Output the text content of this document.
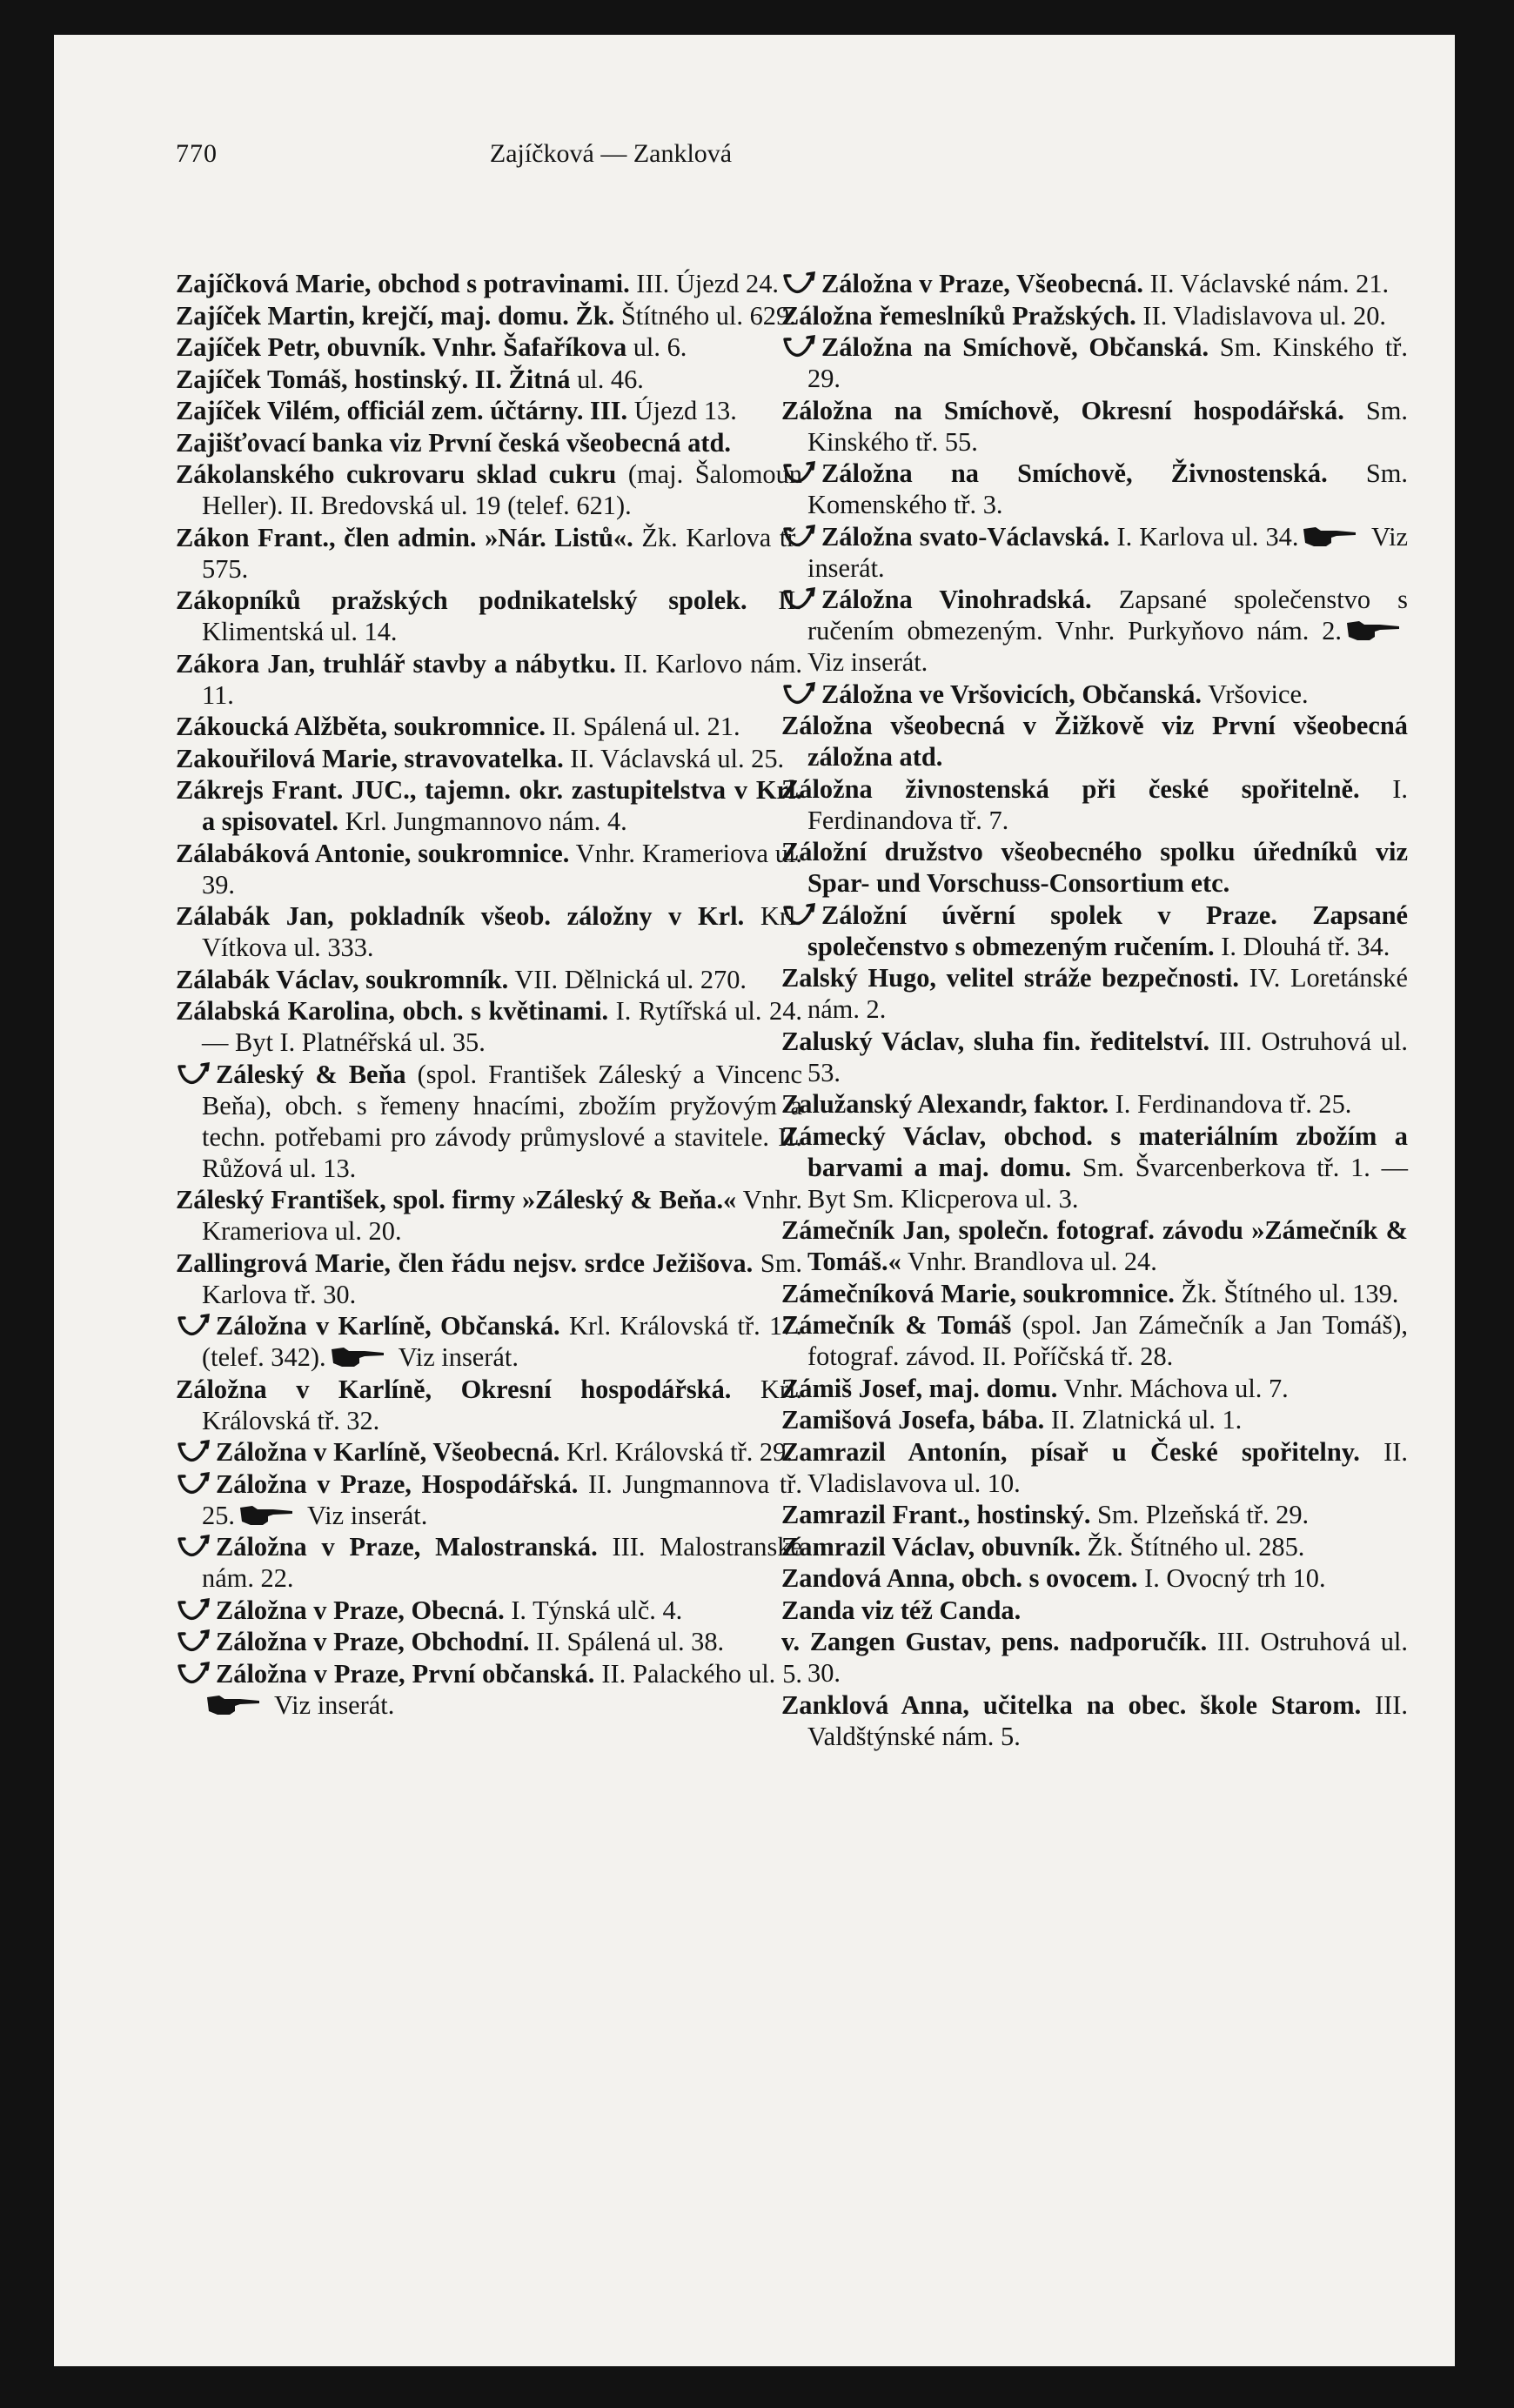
770	Zajíčková — Zanklová

Zajíčková Marie, obchod s potravinami. III. Újezd 24.

Zajíček Martin, krejčí, maj. domu. Žk. Štítného ul. 629.

Zajíček Petr, obuvník. Vnhr. Šafaříkova ul. 6.

Zajíček Tomáš, hostinský. II. Žitná ul. 46.

Zajíček Vilém, officiál zem. účtárny. III. Újezd 13.

Zajišťovací banka viz První česká všeobecná atd.

Zákolanského cukrovaru sklad cukru (maj. Šalomoun Heller). II. Bredovská ul. 19 (telef. 621).

Zákon Frant., člen admin. »Nár. Listů«. Žk. Karlova tř. 575.

Zákopníků pražských podnikatelský spolek. II. Klimentská ul. 14.

Zákora Jan, truhlář stavby a nábytku. II. Karlovo nám. 11.

Zákoucká Alžběta, soukromnice. II. Spálená ul. 21.

Zakouřilová Marie, stravovatelka. II. Václavská ul. 25.

Zákrejs Frant. JUC., tajemn. okr. zastupitelstva v Krl. a spisovatel. Krl. Jungmannovo nám. 4.

Zálabáková Antonie, soukromnice. Vnhr. Krameriova ul. 39.

Zálabák Jan, pokladník všeob. záložny v Krl. Krl. Vítkova ul. 333.

Zálabák Václav, soukromník. VII. Dělnická ul. 270.

Zálabská Karolina, obch. s květinami. I. Rytířská ul. 24. — Byt I. Platnéřská ul. 35.

Záleský & Beňa (spol. František Záleský a Vincenc Beňa), obch. s řemeny hnacími, zbožím pryžovým a techn. potřebami pro závody průmyslové a stavitele. II. Růžová ul. 13.

Záleský František, spol. firmy »Záleský & Beňa.« Vnhr. Krameriova ul. 20.

Zallingrová Marie, člen řádu nejsv. srdce Ježišova. Sm. Karlova tř. 30.

Záložna v Karlíně, Občanská. Krl. Královská tř. 17. (telef. 342).	Viz inserát.

Záložna v Karlíně, Okresní hospodářská. Krl. Královská tř. 32.

Záložna v Karlíně, Všeobecná. Krl. Královská tř. 29.

Záložna v Praze, Hospodářská. II. Jungmannova tř. 25.	Viz inserát.

Záložna v Praze, Malostranská. III. Malostranské nám. 22.

Záložna v Praze, Obecná. I. Týnská ulč. 4.

Záložna v Praze, Obchodní. II. Spálená ul. 38.

Záložna v Praze, První občanská. II. Palackého ul. 5. Viz inserát.

Záložna v Praze, Všeobecná. II. Václavské nám. 21.

Záložna řemeslníků Pražských. II. Vladislavova ul. 20.

Záložna na Smíchově, Občanská. Sm. Kinského tř. 29.

Záložna na Smíchově, Okresní hospodářská. Sm. Kinského tř. 55.

Záložna na Smíchově, Živnostenská. Sm. Komenského tř. 3.

Záložna svato-Václavská. I. Karlova ul. 34.	Viz inserát.

Záložna Vinohradská. Zapsané společenstvo s ručením obmezeným. Vnhr. Purkyňovo nám. 2. Viz inserát.

Záložna ve Vršovicích, Občanská. Vršovice.

Záložna všeobecná v Žižkově viz První všeobecná záložna atd.

Záložna živnostenská při české spořitelně. I. Ferdinandova tř. 7.

Záložní družstvo všeobecného spolku úředníků viz Spar- und Vorschuss-Consortium etc.

Záložní úvěrní spolek v Praze. Zapsané společenstvo s obmezeným ručením. I. Dlouhá tř. 34.

Zalský Hugo, velitel stráže bezpečnosti. IV. Loretánské nám. 2.

Zaluský Václav, sluha fin. ředitelství. III. Ostruhová ul. 53.

Zalužanský Alexandr, faktor. I. Ferdinandova tř. 25.

Zámecký Václav, obchod. s materiálním zbožím a barvami a maj. domu. Sm. Švarcenberkova tř. 1. — Byt Sm. Klicperova ul. 3.

Zámečník Jan, společn. fotograf. závodu »Zámečník & Tomáš.« Vnhr. Brandlova ul. 24.

Zámečníková Marie, soukromnice. Žk. Štítného ul. 139.

Zámečník & Tomáš (spol. Jan Zámečník a Jan Tomáš), fotograf. závod. II. Poříčská tř. 28.

Zámiš Josef, maj. domu. Vnhr. Máchova ul. 7.

Zamišová Josefa, bába. II. Zlatnická ul. 1.

Zamrazil Antonín, písař u České spořitelny. II. Vladislavova ul. 10.

Zamrazil Frant., hostinský. Sm. Plzeňská tř. 29.

Zamrazil Václav, obuvník. Žk. Štítného ul. 285.

Zandová Anna, obch. s ovocem. I. Ovocný trh 10.

Zanda viz též Canda.

v. Zangen Gustav, pens. nadporučík. III. Ostruhová ul. 30.

Zanklová Anna, učitelka na obec. škole Starom. III. Valdštýnské nám. 5.
